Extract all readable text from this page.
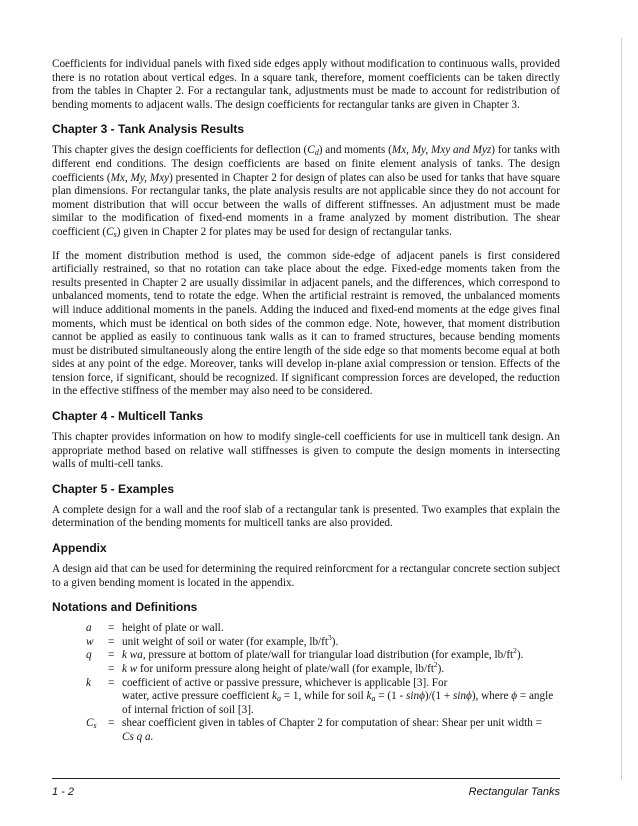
Coefficients for individual panels with fixed side edges apply without modification to continuous walls, provided there is no rotation about vertical edges. In a square tank, therefore, moment coefficients can be taken directly from the tables in Chapter 2. For a rectangular tank, adjustments must be made to account for redistribution of bending moments to adjacent walls. The design coefficients for rectangular tanks are given in Chapter 3.

Chapter 3 - Tank Analysis Results

This chapter gives the design coefficients for deflection $(C_d)$ and moments (Mx, My, Mxy and Myz) for tanks with different end conditions. The design coefficients are based on finite element analysis of tanks. The design coefficients (Mx, My, Mxy) presented in Chapter 2 for design of plates can also be used for tanks that have square plan dimensions. For rectangular tanks, the plate analysis results are not applicable since they do not account for moment distribution that will occur between the walls of different stiffnesses. An adjustment must be made similar to the modification of fixed-end moments in a frame analyzed by moment distribution. The shear coefficient $(C_s)$ given in Chapter 2 for plates may be used for design of rectangular tanks.

If the moment distribution method is used, the common side-edge of adjacent panels is first considered artificially restrained, so that no rotation can take place about the edge. Fixed-edge moments taken from the results presented in Chapter 2 are usually dissimilar in adjacent panels, and the differences, which correspond to unbalanced moments, tend to rotate the edge. When the artificial restraint is removed, the unbalanced moments will induce additional moments in the panels. Adding the induced and fixed-end moments at the edge gives final moments, which must be identical on both sides of the common edge. Note, however, that moment distribution cannot be applied as easily to continuous tank walls as it can to framed structures, because bending moments must be distributed simultaneously along the entire length of the side edge so that moments become equal at both sides at any point of the edge. Moreover, tanks will develop in-plane axial compression or tension. Effects of the tension force, if significant, should be recognized. If significant compression forces are developed, the reduction in the effective stiffness of the member may also need to be considered.

Chapter 4 - Multicell Tanks

This chapter provides information on how to modify single-cell coefficients for use in multicell tank design. An appropriate method based on relative wall stiffnesses is given to compute the design moments in intersecting walls of multi-cell tanks.

Chapter 5 - Examples

A complete design for a wall and the roof slab of a rectangular tank is presented. Two examples that explain the determination of the bending moments for multicell tanks are also provided.

Appendix

A design aid that can be used for determining the required reinforcment for a rectangular concrete section subject to a given bending moment is located in the appendix.

Notations and Definitions
a	= height of plate or wall.
w	= unit weight of soil or water (for example, $lb/ft^3$).
q	= k wa, pressure at bottom of plate/wall for triangular load distribution (for example, $lb/ft^2$).
= k w for uniform pressure along height of plate/wall (for example, $lb/ft^2$).
k	= coefficient of active or passive pressure, whichever is applicable [3]. For
water, active pressure coefficient $k_a = 1$, while for soil $k_a = (1 - \sin\phi)/(1 + \sin\phi)$, where ϕ = angle
of internal friction of soil [3].
$C_s$	= shear coefficient given in tables of Chapter 2 for computation of shear: Shear per unit width =
Cs q a.
1 - 2	Rectangular Tanks
